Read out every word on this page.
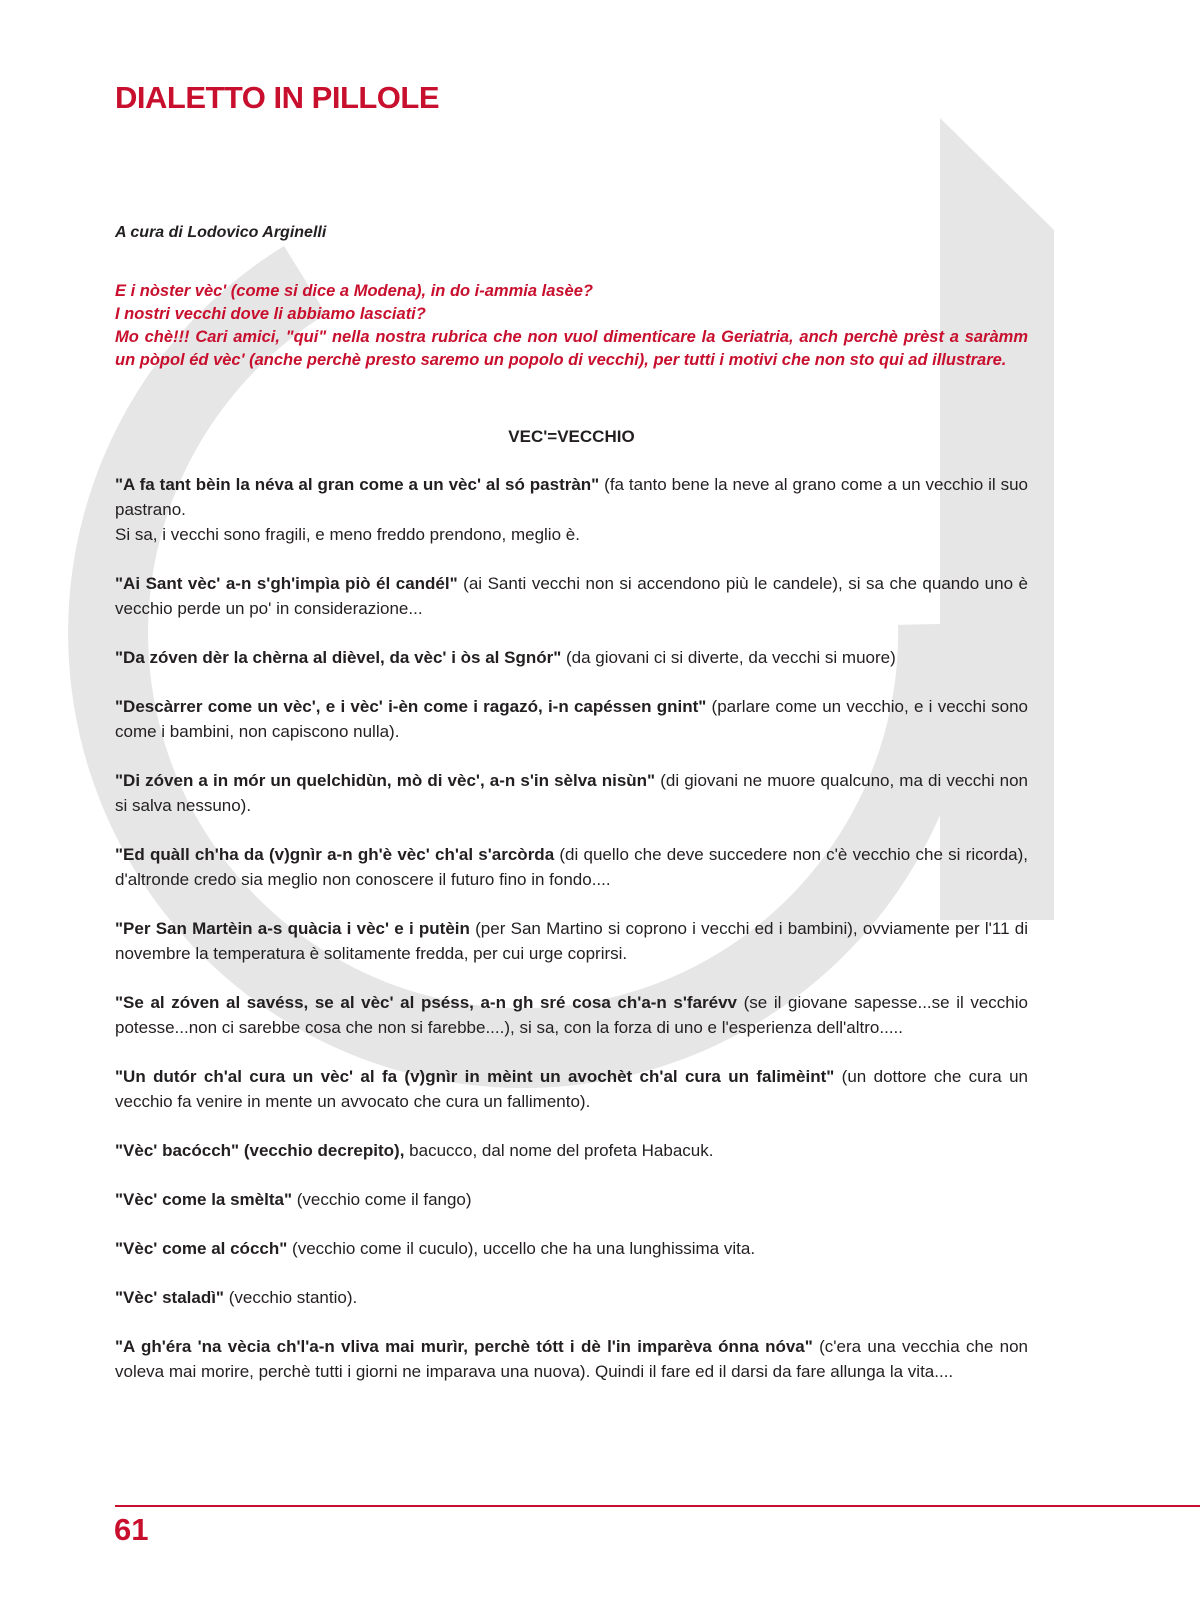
DIALETTO IN PILLOLE
A cura di Lodovico Arginelli

E i nòster vèc' (come si dice a Modena), in do i-ammia lasèe?

I nostri vecchi dove li abbiamo lasciati?

Mo chè!!! Cari amici, "qui" nella nostra rubrica che non vuol dimenticare la Geriatria, anch perchè prèst a saràmm un pòpol éd vèc' (anche perchè presto saremo un popolo di vecchi), per tutti i motivi che non sto qui ad illustrare.

VEC'=VECCHIO

"A fa tant bèin la néva al gran come a un vèc' al só pastràn" (fa tanto bene la neve al grano come a un vecchio il suo pastrano.
Si sa, i vecchi sono fragili, e meno freddo prendono, meglio è.

"Ai Sant vèc' a-n s'gh'impìa piò él candél" (ai Santi vecchi non si accendono più le candele), si sa che quando uno è vecchio perde un po' in considerazione...

"Da zóven dèr la chèrna al dièvel, da vèc' i òs al Sgnór" (da giovani ci si diverte, da vecchi si muore)

"Descàrrer come un vèc', e i vèc' i-èn come i ragazó, i-n capéssen gnint" (parlare come un vecchio, e i vecchi sono come i bambini, non capiscono nulla).

"Di zóven a in mór un quelchidùn, mò di vèc', a-n s'in sèlva nisùn" (di giovani ne muore qualcuno, ma di vecchi non si salva nessuno).

"Ed quàll ch'ha da (v)gnìr a-n gh'è vèc' ch'al s'arcòrda (di quello che deve succedere non c'è vecchio che si ricorda), d'altronde credo sia meglio non conoscere il futuro fino in fondo....

"Per San Martèin a-s quàcia i vèc' e i putèin (per San Martino si coprono i vecchi ed i bambini), ovviamente per l'11 di novembre la temperatura è solitamente fredda, per cui urge coprirsi.

"Se al zóven al savéss, se al vèc' al pséss, a-n gh sré cosa ch'a-n s'farévv (se il giovane sapesse...se il vecchio potesse...non ci sarebbe cosa che non si farebbe....), si sa, con la forza di uno e l'esperienza dell'altro.....

"Un dutór ch'al cura un vèc' al fa (v)gnìr in mèint un avochèt ch'al cura un falimèint" (un dottore che cura un vecchio fa venire in mente un avvocato che cura un fallimento).

"Vèc' bacócch" (vecchio decrepito), bacucco, dal nome del profeta Habacuk.

"Vèc' come la smèlta" (vecchio come il fango)

"Vèc' come al cócch" (vecchio come il cuculo), uccello che ha una lunghissima vita.

"Vèc' staladì" (vecchio stantio).

"A gh'éra 'na vècia ch'l'a-n vliva mai murìr, perchè tótt i dè l'in imparèva ónna nóva" (c'era una vecchia che non voleva mai morire, perchè tutti i giorni ne imparava una nuova). Quindi il fare ed il darsi da fare allunga la vita....

61
